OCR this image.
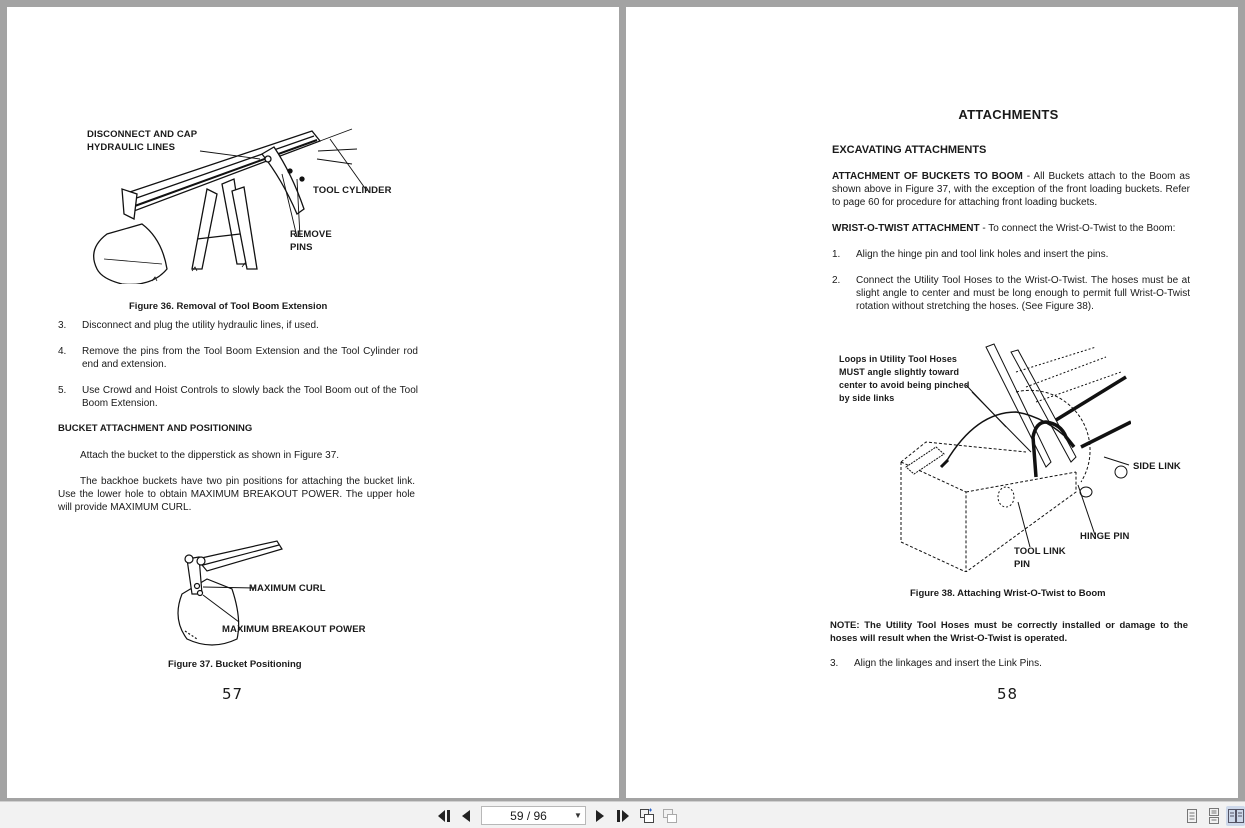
DISCONNECT AND CAP
HYDRAULIC LINES
TOOL CYLINDER
REMOVE
PINS
Figure 36. Removal of Tool Boom Extension
3.	Disconnect and plug the utility hydraulic lines, if used.
4.	Remove the pins from the Tool Boom Extension and the Tool Cylinder rod end and extension.
5.	Use Crowd and Hoist Controls to slowly back the Tool Boom out of the Tool Boom Extension.
BUCKET ATTACHMENT AND POSITIONING
Attach the bucket to the dipperstick as shown in Figure 37.
The backhoe buckets have two pin positions for attaching the bucket link. Use the lower hole to obtain MAXIMUM BREAKOUT POWER. The upper hole will provide MAXIMUM CURL.
MAXIMUM CURL
MAXIMUM BREAKOUT POWER
Figure 37. Bucket Positioning
57
ATTACHMENTS
EXCAVATING ATTACHMENTS
ATTACHMENT OF BUCKETS TO BOOM - All Buckets attach to the Boom as shown above in Figure 37, with the exception of the front loading buckets. Refer to page 60 for procedure for attaching front loading buckets.
WRIST-O-TWIST ATTACHMENT - To connect the Wrist-O-Twist to the Boom:
1.	Align the hinge pin and tool link holes and insert the pins.
2.	Connect the Utility Tool Hoses to the Wrist-O-Twist. The hoses must be at slight angle to center and must be long enough to permit full Wrist-O-Twist rotation without stretching the hoses. (See Figure 38).
Loops in Utility Tool Hoses
MUST angle slightly toward
center to avoid being pinched
by side links
SIDE LINK
HINGE PIN
TOOL LINK
PIN
Figure 38. Attaching Wrist-O-Twist to Boom
NOTE: The Utility Tool Hoses must be correctly installed or damage to the hoses will result when the Wrist-O-Twist is operated.
3.	Align the linkages and insert the Link Pins.
58
59 / 96	▼
